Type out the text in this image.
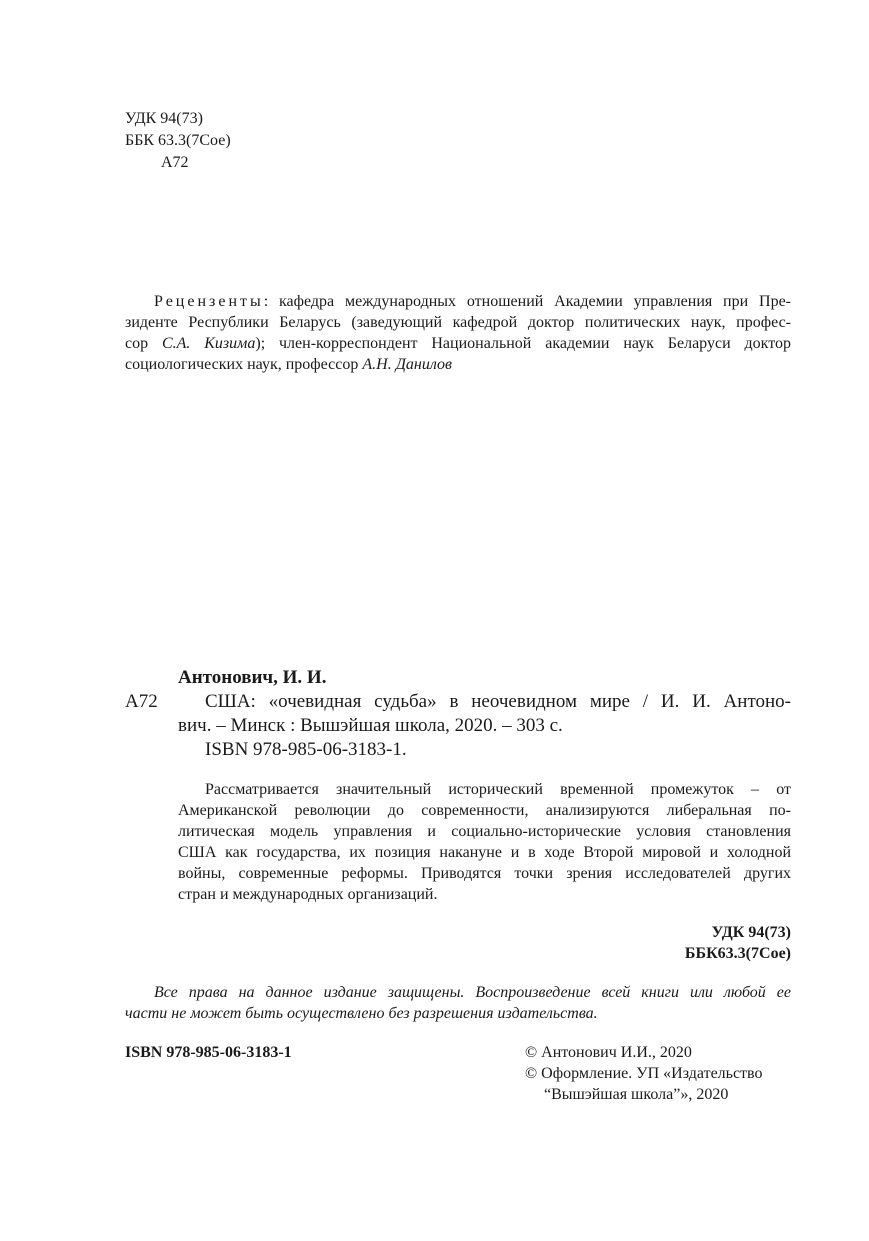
УДК 94(73)
ББК 63.3(7Сое)
А72
Рецензенты: кафедра международных отношений Академии управления при Пре-
зиденте Республики Беларусь (заведующий кафедрой доктор политических наук, профес-
сор С.А. Кизима); член-корреспондент Национальной академии наук Беларуси доктор
социологических наук, профессор А.Н. Данилов
Антонович, И. И.
А72 США: «очевидная судьба» в неочевидном мире / И. И. Антоно-
вич. – Минск : Вышэйшая школа, 2020. – 303 с.
ISBN 978-985-06-3183-1.
Рассматривается значительный исторический временной промежуток – от
Американской революции до современности, анализируются либеральная по-
литическая модель управления и социально-исторические условия становления
США как государства, их позиция накануне и в ходе Второй мировой и холодной
войны, современные реформы. Приводятся точки зрения исследователей других
стран и международных организаций.
УДК 94(73)
ББК63.3(7Сое)
Все права на данное издание защищены. Воспроизведение всей книги или любой ее
части не может быть осуществлено без разрешения издательства.
ISBN 978-985-06-3183-1	© Антонович И.И., 2020
© Оформление. УП «Издательство
“Вышэйшая школа”», 2020
